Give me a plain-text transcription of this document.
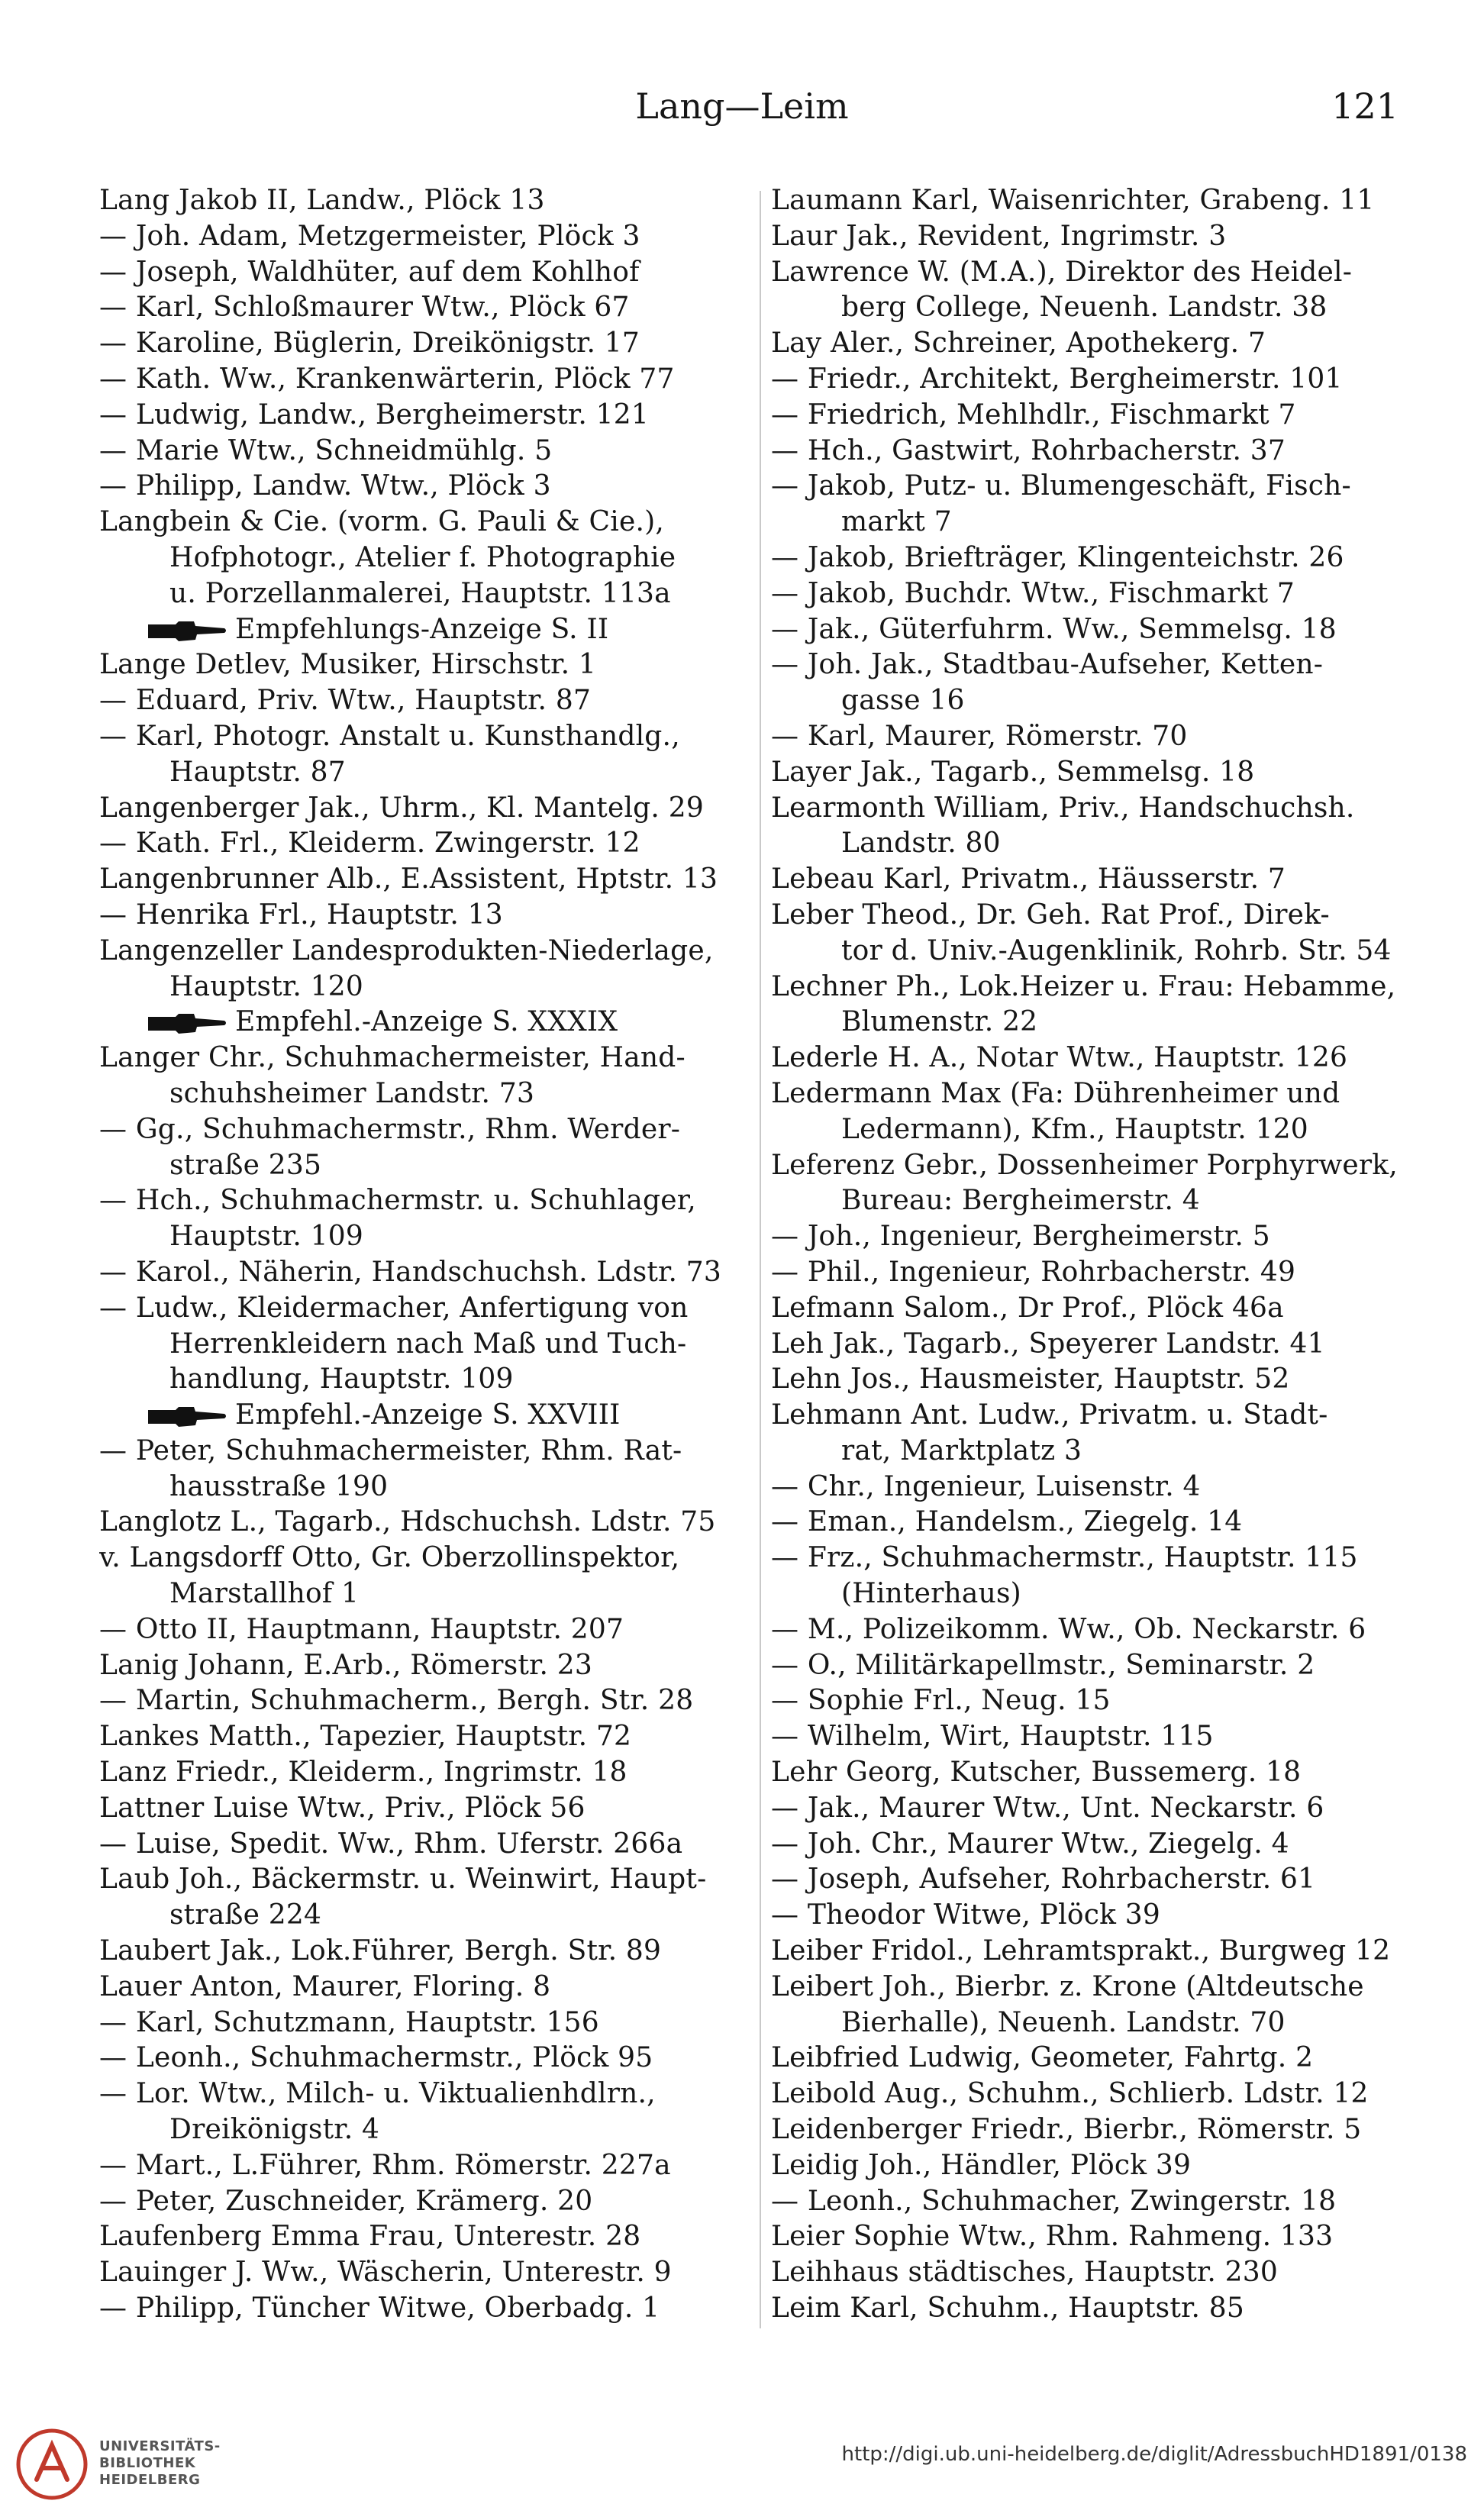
Lang—Leim	121
Lang Jakob II, Landw., Plöck 13
— Joh. Adam, Metzgermeister, Plöck 3
— Joseph, Waldhüter, auf dem Kohlhof
— Karl, Schloßmaurer Wtw., Plöck 67
— Karoline, Büglerin, Dreikönigstr. 17
— Kath. Ww., Krankenwärterin, Plöck 77
— Ludwig, Landw., Bergheimerstr. 121
— Marie Wtw., Schneidmühlg. 5
— Philipp, Landw. Wtw., Plöck 3
Langbein & Cie. (vorm. G. Pauli & Cie.),
Hofphotogr., Atelier f. Photographie
u. Porzellanmalerei, Hauptstr. 113a
Empfehlungs-Anzeige S. II
Lange Detlev, Musiker, Hirschstr. 1
— Eduard, Priv. Wtw., Hauptstr. 87
— Karl, Photogr. Anstalt u. Kunsthandlg.,
Hauptstr. 87
Langenberger Jak., Uhrm., Kl. Mantelg. 29
— Kath. Frl., Kleiderm. Zwingerstr. 12
Langenbrunner Alb., E.Assistent, Hptstr. 13
— Henrika Frl., Hauptstr. 13
Langenzeller Landesprodukten-Niederlage,
Hauptstr. 120
Empfehl.-Anzeige S. XXXIX
Langer Chr., Schuhmachermeister, Hand-
schuhsheimer Landstr. 73
— Gg., Schuhmachermstr., Rhm. Werder-
straße 235
— Hch., Schuhmachermstr. u. Schuhlager,
Hauptstr. 109
— Karol., Näherin, Handschuchsh. Ldstr. 73
— Ludw., Kleidermacher, Anfertigung von
Herrenkleidern nach Maß und Tuch-
handlung, Hauptstr. 109
Empfehl.-Anzeige S. XXVIII
— Peter, Schuhmachermeister, Rhm. Rat-
hausstraße 190
Langlotz L., Tagarb., Hdschuchsh. Ldstr. 75
v. Langsdorff Otto, Gr. Oberzollinspektor,
Marstallhof 1
— Otto II, Hauptmann, Hauptstr. 207
Lanig Johann, E.Arb., Römerstr. 23
— Martin, Schuhmacherm., Bergh. Str. 28
Lankes Matth., Tapezier, Hauptstr. 72
Lanz Friedr., Kleiderm., Ingrimstr. 18
Lattner Luise Wtw., Priv., Plöck 56
— Luise, Spedit. Ww., Rhm. Uferstr. 266a
Laub Joh., Bäckermstr. u. Weinwirt, Haupt-
straße 224
Laubert Jak., Lok.Führer, Bergh. Str. 89
Lauer Anton, Maurer, Floring. 8
— Karl, Schutzmann, Hauptstr. 156
— Leonh., Schuhmachermstr., Plöck 95
— Lor. Wtw., Milch- u. Viktualienhdlrn.,
Dreikönigstr. 4
— Mart., L.Führer, Rhm. Römerstr. 227a
— Peter, Zuschneider, Krämerg. 20
Laufenberg Emma Frau, Unterestr. 28
Lauinger J. Ww., Wäscherin, Unterestr. 9
— Philipp, Tüncher Witwe, Oberbadg. 1
Laumann Karl, Waisenrichter, Grabeng. 11
Laur Jak., Revident, Ingrimstr. 3
Lawrence W. (M.A.), Direktor des Heidel-
berg College, Neuenh. Landstr. 38
Lay Aler., Schreiner, Apothekerg. 7
— Friedr., Architekt, Bergheimerstr. 101
— Friedrich, Mehlhdlr., Fischmarkt 7
— Hch., Gastwirt, Rohrbacherstr. 37
— Jakob, Putz- u. Blumengeschäft, Fisch-
markt 7
— Jakob, Briefträger, Klingenteichstr. 26
— Jakob, Buchdr. Wtw., Fischmarkt 7
— Jak., Güterfuhrm. Ww., Semmelsg. 18
— Joh. Jak., Stadtbau-Aufseher, Ketten-
gasse 16
— Karl, Maurer, Römerstr. 70
Layer Jak., Tagarb., Semmelsg. 18
Learmonth William, Priv., Handschuchsh.
Landstr. 80
Lebeau Karl, Privatm., Häusserstr. 7
Leber Theod., Dr. Geh. Rat Prof., Direk-
tor d. Univ.-Augenklinik, Rohrb. Str. 54
Lechner Ph., Lok.Heizer u. Frau: Hebamme,
Blumenstr. 22
Lederle H. A., Notar Wtw., Hauptstr. 126
Ledermann Max (Fa: Dührenheimer und
Ledermann), Kfm., Hauptstr. 120
Leferenz Gebr., Dossenheimer Porphyrwerk,
Bureau: Bergheimerstr. 4
— Joh., Ingenieur, Bergheimerstr. 5
— Phil., Ingenieur, Rohrbacherstr. 49
Lefmann Salom., Dr Prof., Plöck 46a
Leh Jak., Tagarb., Speyerer Landstr. 41
Lehn Jos., Hausmeister, Hauptstr. 52
Lehmann Ant. Ludw., Privatm. u. Stadt-
rat, Marktplatz 3
— Chr., Ingenieur, Luisenstr. 4
— Eman., Handelsm., Ziegelg. 14
— Frz., Schuhmachermstr., Hauptstr. 115
(Hinterhaus)
— M., Polizeikomm. Ww., Ob. Neckarstr. 6
— O., Militärkapellmstr., Seminarstr. 2
— Sophie Frl., Neug. 15
— Wilhelm, Wirt, Hauptstr. 115
Lehr Georg, Kutscher, Bussemerg. 18
— Jak., Maurer Wtw., Unt. Neckarstr. 6
— Joh. Chr., Maurer Wtw., Ziegelg. 4
— Joseph, Aufseher, Rohrbacherstr. 61
— Theodor Witwe, Plöck 39
Leiber Fridol., Lehramtsprakt., Burgweg 12
Leibert Joh., Bierbr. z. Krone (Altdeutsche
Bierhalle), Neuenh. Landstr. 70
Leibfried Ludwig, Geometer, Fahrtg. 2
Leibold Aug., Schuhm., Schlierb. Ldstr. 12
Leidenberger Friedr., Bierbr., Römerstr. 5
Leidig Joh., Händler, Plöck 39
— Leonh., Schuhmacher, Zwingerstr. 18
Leier Sophie Wtw., Rhm. Rahmeng. 133
Leihhaus städtisches, Hauptstr. 230
Leim Karl, Schuhm., Hauptstr. 85
UNIVERSITÄTS-
BIBLIOTHEK
HEIDELBERG
http://digi.ub.uni-heidelberg.de/diglit/AdressbuchHD1891/0138
